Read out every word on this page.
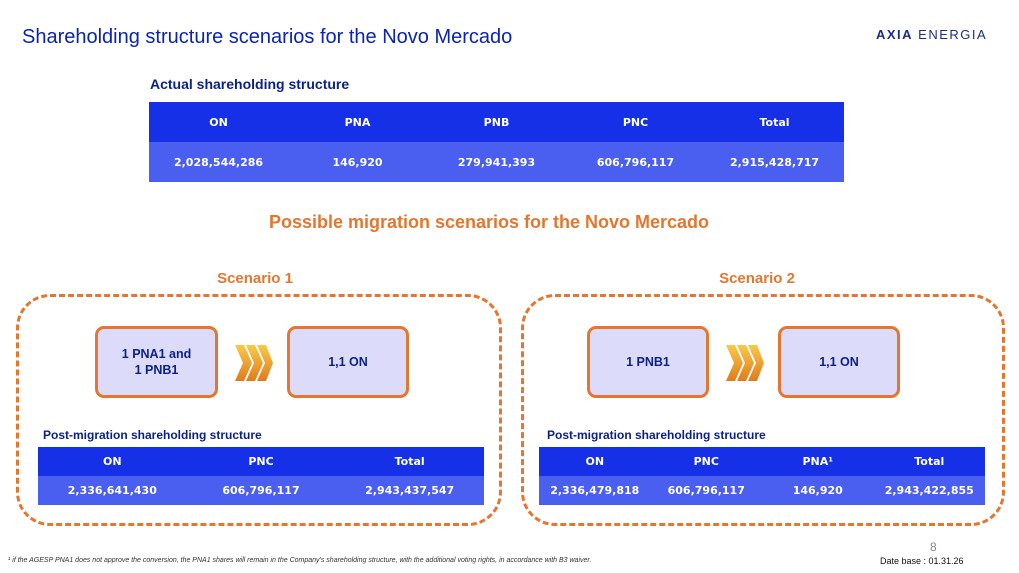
Shareholding structure scenarios for the Novo Mercado	AXIA ENERGIA
Actual shareholding structure
ON	PNA	PNB	PNC	Total
2,028,544,286	146,920	279,941,393	606,796,117	2,915,428,717
Possible migration scenarios for the Novo Mercado
Scenario 1
1 PNA1 and
1 PNB1
1,1 ON
Post-migration shareholding structure
ON	PNC	Total
2,336,641,430	606,796,117	2,943,437,547
Scenario 2
1 PNB1	1,1 ON
Post-migration shareholding structure
ON	PNC	PNA¹	Total
2,336,479,818	606,796,117	146,920	2,943,422,855
8
¹ if the AGESP PNA1 does not approve the conversion, the PNA1 shares will remain in the Company's shareholding structure, with the additional voting rights, in accordance with B3 waiver.	Date base : 01.31.26
